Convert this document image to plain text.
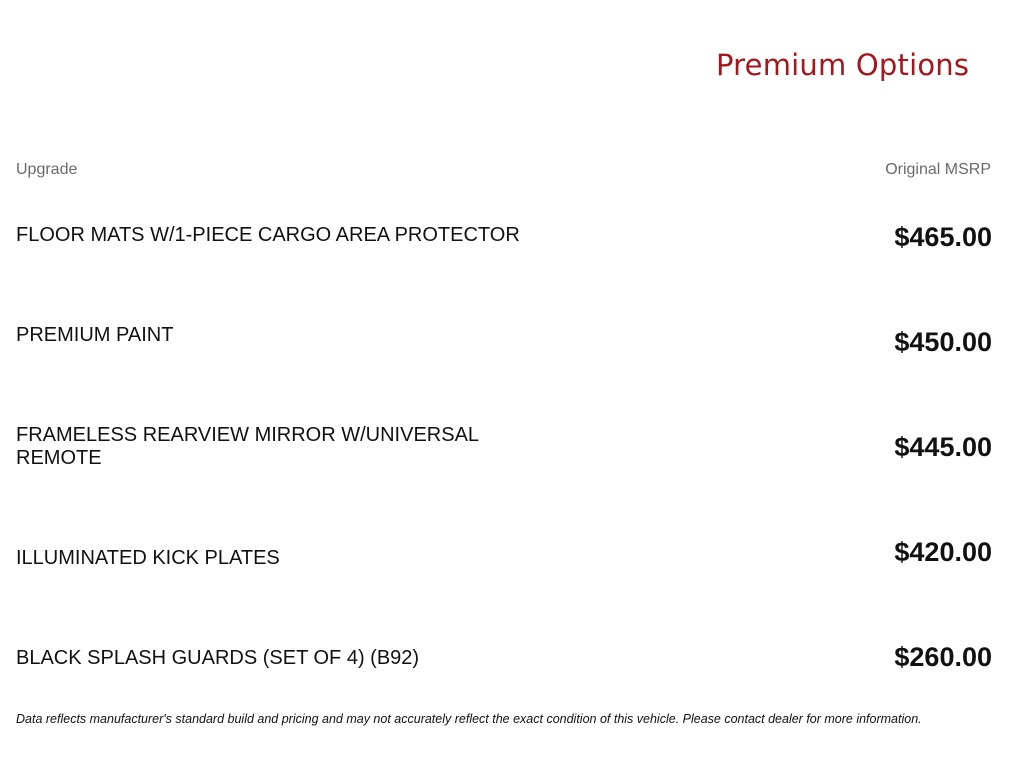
Premium Options
Upgrade	Original MSRP
FLOOR MATS W/1-PIECE CARGO AREA PROTECTOR	$465.00
PREMIUM PAINT	$450.00
FRAMELESS REARVIEW MIRROR W/UNIVERSAL REMOTE	$445.00
ILLUMINATED KICK PLATES	$420.00
BLACK SPLASH GUARDS (SET OF 4) (B92)	$260.00
Data reflects manufacturer's standard build and pricing and may not accurately reflect the exact condition of this vehicle. Please contact dealer for more information.
